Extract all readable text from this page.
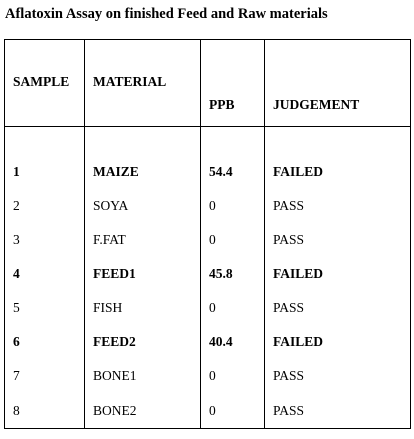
Aflatoxin Assay on finished Feed and Raw materials
SAMPLE	MATERIAL	PPB	JUDGEMENT
1	MAIZE	54.4	FAILED
2	SOYA	0	PASS
3	F.FAT	0	PASS
4	FEED1	45.8	FAILED
5	FISH	0	PASS
6	FEED2	40.4	FAILED
7	BONE1	0	PASS
8	BONE2	0	PASS
